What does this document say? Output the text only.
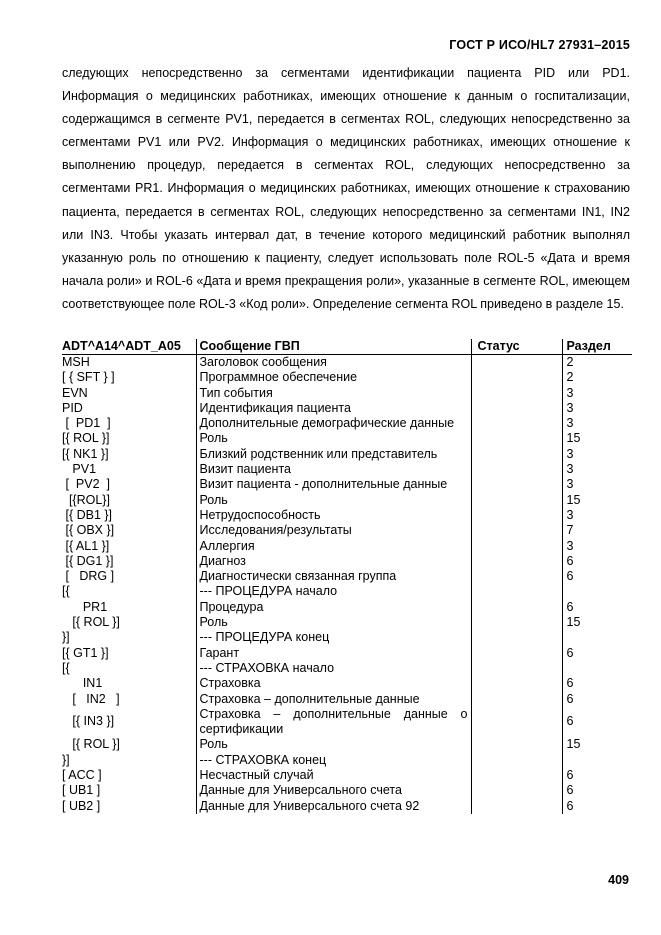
ГОСТ Р ИСО/HL7 27931–2015
следующих непосредственно за сегментами идентификации пациента PID или PD1. Информация о медицинских работниках, имеющих отношение к данным о госпитализации, содержащимся в сегменте PV1, передается в сегментах ROL, следующих непосредственно за сегментами PV1 или PV2. Информация о медицинских работниках, имеющих отношение к выполнению процедур, передается в сегментах ROL, следующих непосредственно за сегментами PR1. Информация о медицинских работниках, имеющих отношение к страхованию пациента, передается в сегментах ROL, следующих непосредственно за сегментами IN1, IN2 или IN3. Чтобы указать интервал дат, в течение которого медицинский работник выполнял указанную роль по отношению к пациенту, следует использовать поле ROL-5 «Дата и время начала роли» и ROL-6 «Дата и время прекращения роли», указанные в сегменте ROL, имеющем соответствующее поле ROL-3 «Код роли». Определение сегмента ROL приведено в разделе 15.
ADT^A14^ADT_A05	Сообщение ГВП	Статус	Раздел
MSH	Заголовок сообщения		2
[ { SFT } ]	Программное обеспечение		2
EVN	Тип события		3
PID	Идентификация пациента		3
[  PD1  ]	Дополнительные демографические данные		3
[{ ROL }]	Роль		15
[{ NK1 }]	Близкий родственник или представитель		3
PV1	Визит пациента		3
[  PV2  ]	Визит пациента - дополнительные данные		3
[{ROL}]	Роль		15
[{ DB1 }]	Нетрудоспособность		3
[{ OBX }]	Исследования/результаты		7
[{ AL1 }]	Аллергия		3
[{ DG1 }]	Диагноз		6
[   DRG ]	Диагностически связанная группа		6
[{	--- ПРОЦЕДУРА начало		
PR1	Процедура		6
[{ ROL }]	Роль		15
}]	--- ПРОЦЕДУРА конец		
[{ GT1 }]	Гарант		6
[{	--- СТРАХОВКА начало		
IN1	Страховка		6
[   IN2   ]	Страховка – дополнительные данные		6
[{ IN3 }]	Страховка – дополнительные данные о сертификации		6
[{ ROL }]	Роль		15
}]	--- СТРАХОВКА конец		
[ ACC ]	Несчастный случай		6
[ UB1 ]	Данные для Универсального счета		6
[ UB2 ]	Данные для Универсального счета 92		6
409
